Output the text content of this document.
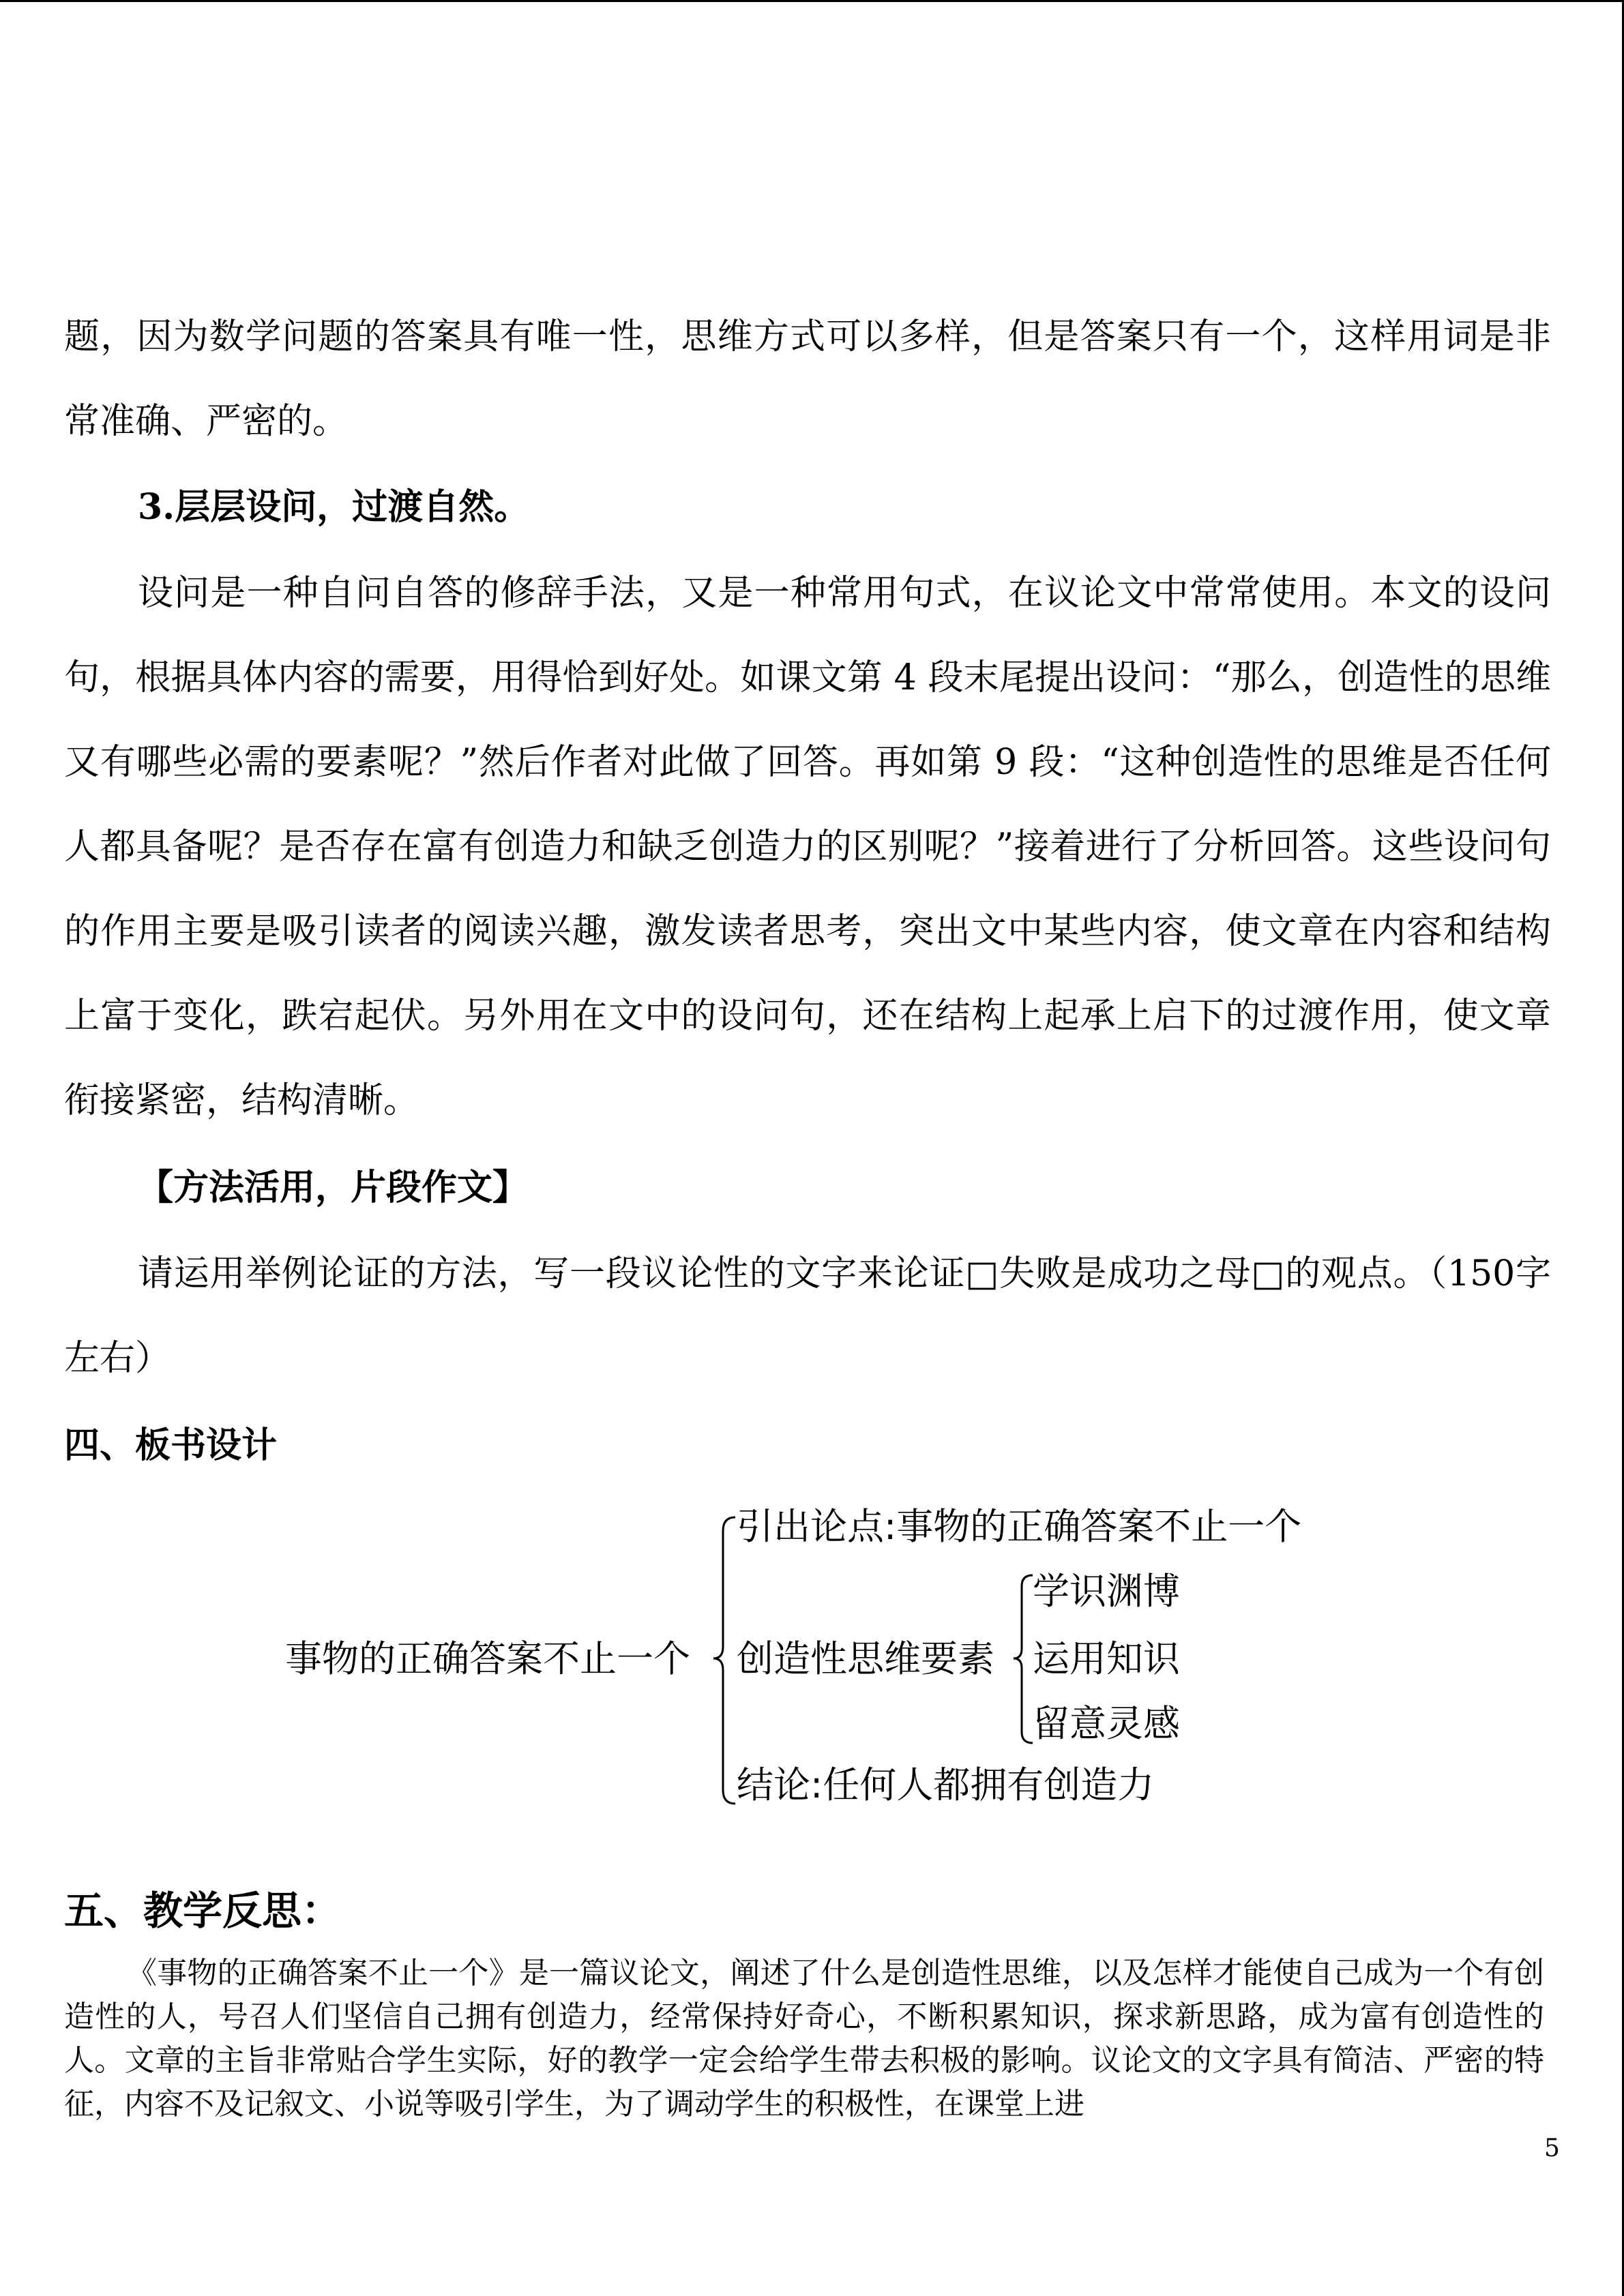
题，因为数学问题的答案具有唯一性，思维方式可以多样，但是答案只有一个，这样用词是非常准确、严密的。

3.层层设问，过渡自然。

设问是一种自问自答的修辞手法，又是一种常用句式，在议论文中常常使用。本文的设问句，根据具体内容的需要，用得恰到好处。如课文第 4 段末尾提出设问：“那么，创造性的思维又有哪些必需的要素呢？”然后作者对此做了回答。再如第 9 段：“这种创造性的思维是否任何人都具备呢？是否存在富有创造力和缺乏创造力的区别呢？”接着进行了分析回答。这些设问句的作用主要是吸引读者的阅读兴趣，激发读者思考，突出文中某些内容，使文章在内容和结构上富于变化，跌宕起伏。另外用在文中的设问句，还在结构上起承上启下的过渡作用，使文章衔接紧密，结构清晰。

【方法活用，片段作文】

请运用举例论证的方法，写一段议论性的文字来论证□失败是成功之母□的观点。（150字左右）

四、板书设计
事物的正确答案不止一个
引出论点:事物的正确答案不止一个
创造性思维要素
学识渊博
运用知识
留意灵感
结论:任何人都拥有创造力
五、教学反思：

《事物的正确答案不止一个》是一篇议论文，阐述了什么是创造性思维，以及怎样才能使自己成为一个有创造性的人，号召人们坚信自己拥有创造力，经常保持好奇心，不断积累知识，探求新思路，成为富有创造性的人。文章的主旨非常贴合学生实际，好的教学一定会给学生带去积极的影响。议论文的文字具有简洁、严密的特征，内容不及记叙文、小说等吸引学生，为了调动学生的积极性，在课堂上进

5
